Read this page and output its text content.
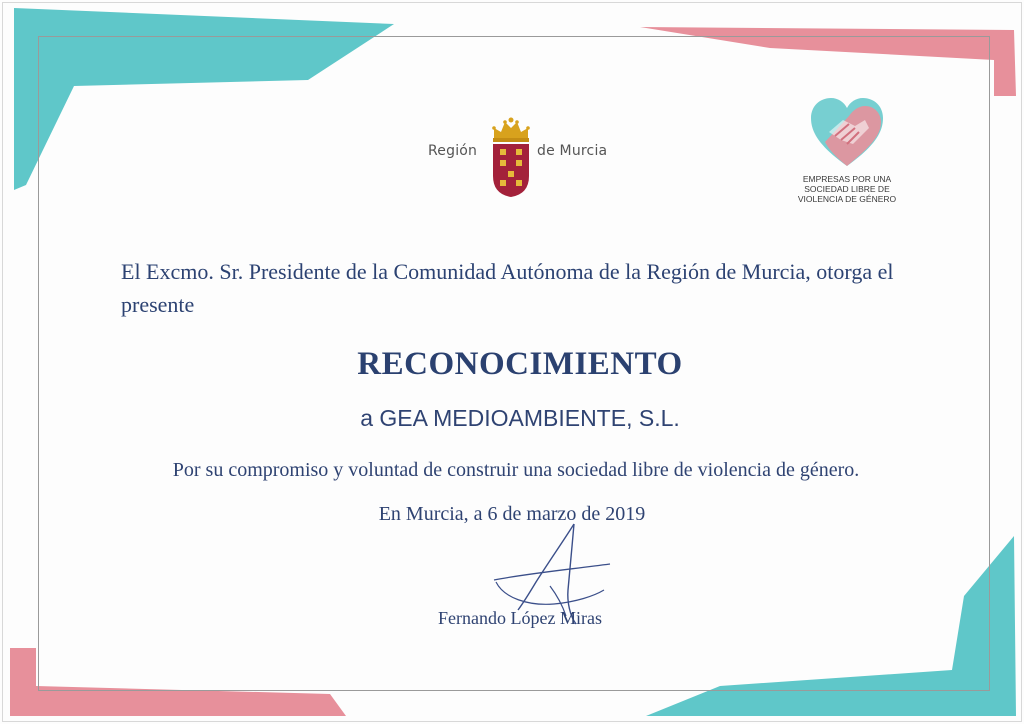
Región	de Murcia
EMPRESAS POR UNA
SOCIEDAD LIBRE DE
VIOLENCIA DE GÉNERO
El Excmo. Sr. Presidente de la Comunidad Autónoma de la Región de Murcia, otorga el presente
RECONOCIMIENTO
a GEA MEDIOAMBIENTE, S.L.
Por su compromiso y voluntad de construir una sociedad libre de violencia de género.
En Murcia, a 6 de marzo de 2019
Fernando López Miras
